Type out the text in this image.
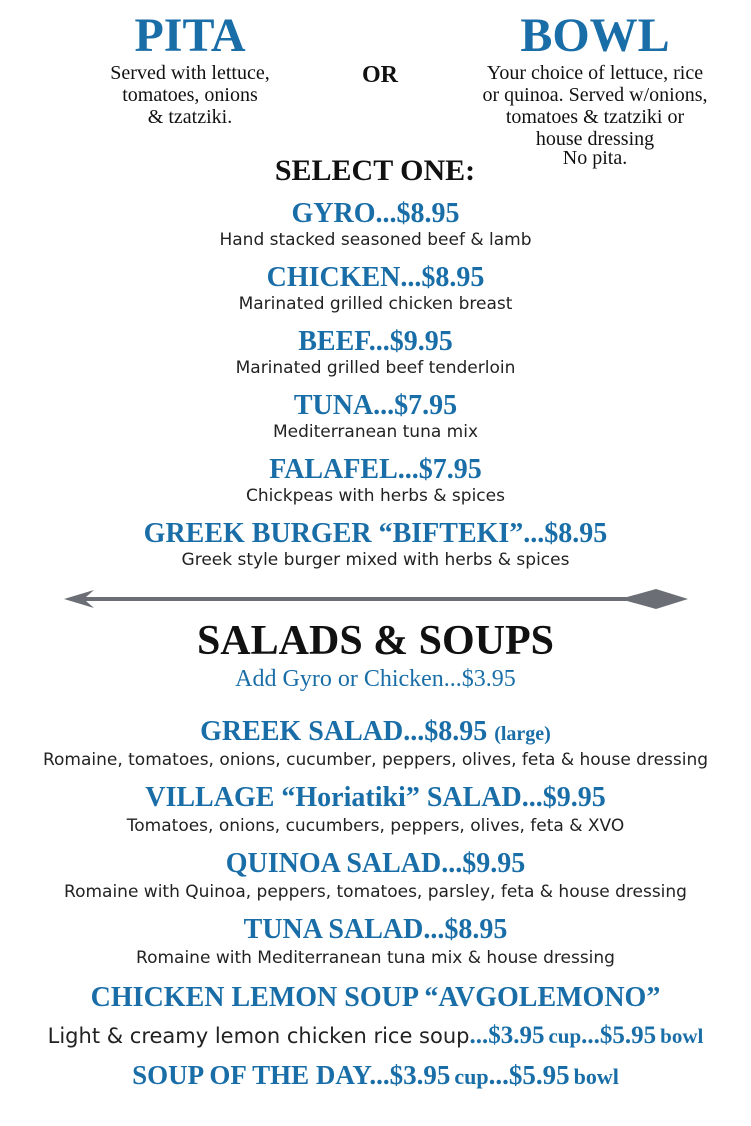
PITA
Served with lettuce,
tomatoes, onions
& tzatziki.
OR
BOWL
Your choice of lettuce, rice
or quinoa. Served w/onions,
tomatoes & tzatziki or
house dressing
No pita.
SELECT ONE:
GYRO...$8.95
Hand stacked seasoned beef & lamb
CHICKEN...$8.95
Marinated grilled chicken breast
BEEF...$9.95
Marinated grilled beef tenderloin
TUNA...$7.95
Mediterranean tuna mix
FALAFEL...$7.95
Chickpeas with herbs & spices
GREEK BURGER “BIFTEKI”...$8.95
Greek style burger mixed with herbs & spices
SALADS & SOUPS
Add Gyro or Chicken...$3.95
GREEK SALAD...$8.95 (large)
Romaine, tomatoes, onions, cucumber, peppers, olives, feta & house dressing
VILLAGE “Horiatiki” SALAD...$9.95
Tomatoes, onions, cucumbers, peppers, olives, feta & XVO
QUINOA SALAD...$9.95
Romaine with Quinoa, peppers, tomatoes, parsley, feta & house dressing
TUNA SALAD...$8.95
Romaine with Mediterranean tuna mix & house dressing
CHICKEN LEMON SOUP “AVGOLEMONO”
Light & creamy lemon chicken rice soup...$3.95 cup...$5.95 bowl
SOUP OF THE DAY...$3.95 cup...$5.95 bowl
